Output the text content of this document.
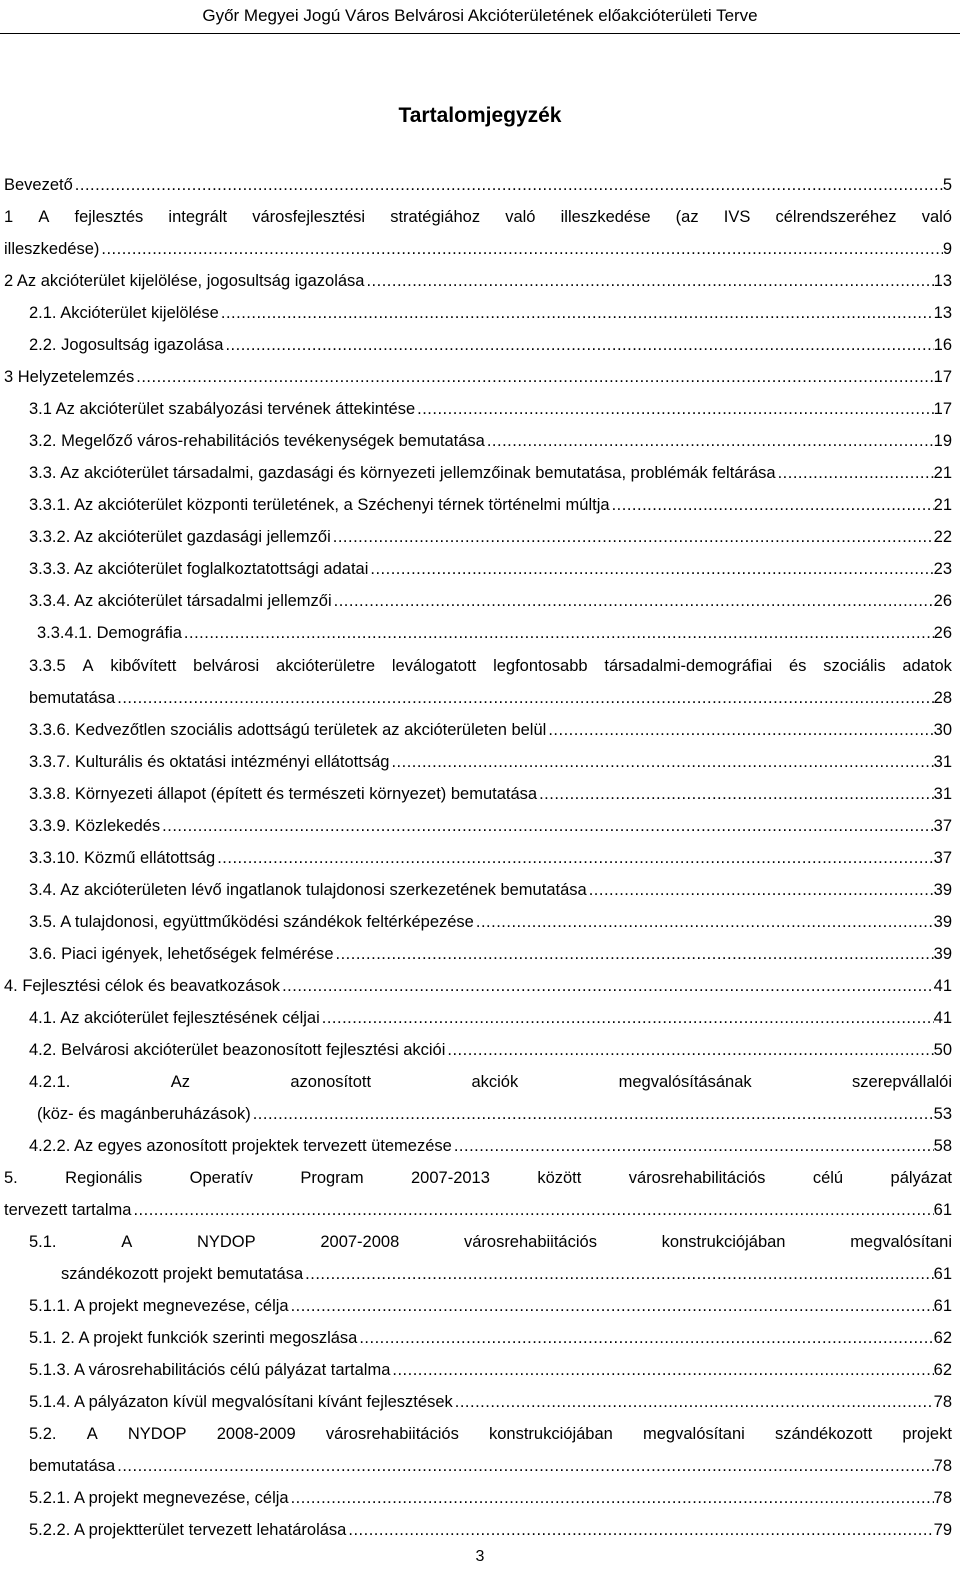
Győr Megyei Jogú Város Belvárosi Akcióterületének előakcióterületi Terve
Tartalomjegyzék
Bevezető .....	5
1 A fejlesztés integrált városfejlesztési stratégiához való illeszkedése (az IVS célrendszeréhez való
illeszkedése) .....	9
2 Az akcióterület kijelölése, jogosultság igazolása .....	13
2.1. Akcióterület kijelölése .....	13
2.2. Jogosultság igazolása .....	16
3 Helyzetelemzés .....	17
3.1 Az akcióterület szabályozási tervének áttekintése .....	17
3.2. Megelőző város-rehabilitációs tevékenységek bemutatása .....	19
3.3. Az akcióterület társadalmi, gazdasági és környezeti jellemzőinak bemutatása, problémák feltárása .....	21
3.3.1. Az akcióterület központi területének, a Széchenyi térnek történelmi múltja .....	21
3.3.2. Az akcióterület gazdasági jellemzői .....	22
3.3.3. Az akcióterület foglalkoztatottsági adatai .....	23
3.3.4. Az akcióterület társadalmi jellemzői .....	26
3.3.4.1. Demográfia .....	26
3.3.5 A kibővített belvárosi akcióterületre leválogatott legfontosabb társadalmi-demográfiai és szociális adatok
bemutatása .....	28
3.3.6. Kedvezőtlen szociális adottságú területek az akcióterületen belül .....	30
3.3.7. Kulturális és oktatási intézményi ellátottság .....	31
3.3.8. Környezeti állapot (épített és természeti környezet) bemutatása .....	31
3.3.9. Közlekedés .....	37
3.3.10. Közmű ellátottság .....	37
3.4. Az akcióterületen lévő ingatlanok tulajdonosi szerkezetének bemutatása .....	39
3.5. A tulajdonosi, együttműködési szándékok feltérképezése .....	39
3.6. Piaci igények, lehetőségek felmérése .....	39
4. Fejlesztési célok és beavatkozások .....	41
4.1. Az akcióterület fejlesztésének céljai .....	41
4.2. Belvárosi akcióterület beazonosított fejlesztési akciói .....	50
4.2.1.	Az	azonosított	akciók	megvalósításának	szerepvállalói
(köz- és magánberuházások) .....	53
4.2.2. Az egyes azonosított projektek tervezett ütemezése .....	58
5.	Regionális	Operatív	Program	2007-2013	között	városrehabilitációs	célú	pályázat
tervezett tartalma .....	61
5.1.	A	NYDOP	2007-2008	városrehabiitációs	konstrukciójában	megvalósítani
szándékozott projekt bemutatása .....	61
5.1.1. A projekt megnevezése, célja .....	61
5.1. 2. A projekt funkciók szerinti megoszlása .....	62
5.1.3. A városrehabilitációs célú pályázat tartalma .....	62
5.1.4. A pályázaton kívül megvalósítani kívánt fejlesztések .....	78
5.2. A NYDOP 2008-2009 városrehabiitációs konstrukciójában megvalósítani szándékozott projekt
bemutatása .....	78
5.2.1. A projekt megnevezése, célja .....	78
5.2.2. A projektterület tervezett lehatárolása .....	79
3
